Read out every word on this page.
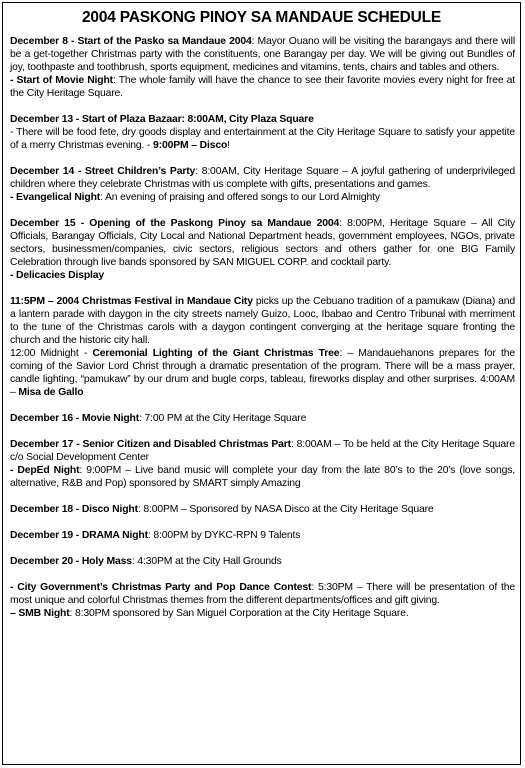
2004 PASKONG PINOY SA MANDAUE SCHEDULE

December 8 - Start of the Pasko sa Mandaue 2004: Mayor Ouano will be visiting the barangays and there will be a get-together Christmas party with the constituents, one Barangay per day. We will be giving out Bundles of joy, toothpaste and toothbrush, sports equipment, medicines and vitamins, tents, chairs and tables and others.
- Start of Movie Night: The whole family will have the chance to see their favorite movies every night for free at the City Heritage Square.

December 13 - Start of Plaza Bazaar: 8:00AM, City Plaza Square
- There will be food fete, dry goods display and entertainment at the City Heritage Square to satisfy your appetite of a merry Christmas evening. - 9:00PM – Disco!

December 14 - Street Children’s Party: 8:00AM, City Heritage Square – A joyful gathering of underprivileged children where they celebrate Christmas with us complete with gifts, presentations and games.
- Evangelical Night: An evening of praising and offered songs to our Lord Almighty

December 15 - Opening of the Paskong Pinoy sa Mandaue 2004: 8:00PM, Heritage Square – All City Officials, Barangay Officials, City Local and National Department heads, government employees, NGOs, private sectors, businessmen/companies, civic sectors, religious sectors and others gather for one BIG Family Celebration through live bands sponsored by SAN MIGUEL CORP. and cocktail party.
- Delicacies Display

11:5PM – 2004 Christmas Festival in Mandaue City picks up the Cebuano tradition of a pamukaw (Diana) and a lantern parade with daygon in the city streets namely Guizo, Looc, Ibabao and Centro Tribunal with merriment to the tune of the Christmas carols with a daygon contingent converging at the heritage square fronting the church and the historic city hall.
12:00 Midnight - Ceremonial Lighting of the Giant Christmas Tree: – Mandauehanons prepares for the coming of the Savior Lord Christ through a dramatic presentation of the program. There will be a mass prayer, candle lighting, “pamukaw” by our drum and bugle corps, tableau, fireworks display and other surprises. 4:00AM – Misa de Gallo

December 16 - Movie Night: 7:00 PM at the City Heritage Square

December 17 - Senior Citizen and Disabled Christmas Part: 8:00AM – To be held at the City Heritage Square c/o Social Development Center
- DepEd Night: 9:00PM – Live band music will complete your day from the late 80’s to the 20’s (love songs, alternative, R&B and Pop) sponsored by SMART simply Amazing

December 18 - Disco Night: 8:00PM – Sponsored by NASA Disco at the City Heritage Square

December 19 - DRAMA Night: 8:00PM by DYKC-RPN 9 Talents

December 20 - Holy Mass: 4:30PM at the City Hall Grounds

- City Government’s Christmas Party and Pop Dance Contest: 5:30PM – There will be presentation of the most unique and colorful Christmas themes from the different departments/offices and gift giving.
– SMB Night: 8:30PM sponsored by San Miguel Corporation at the City Heritage Square.
